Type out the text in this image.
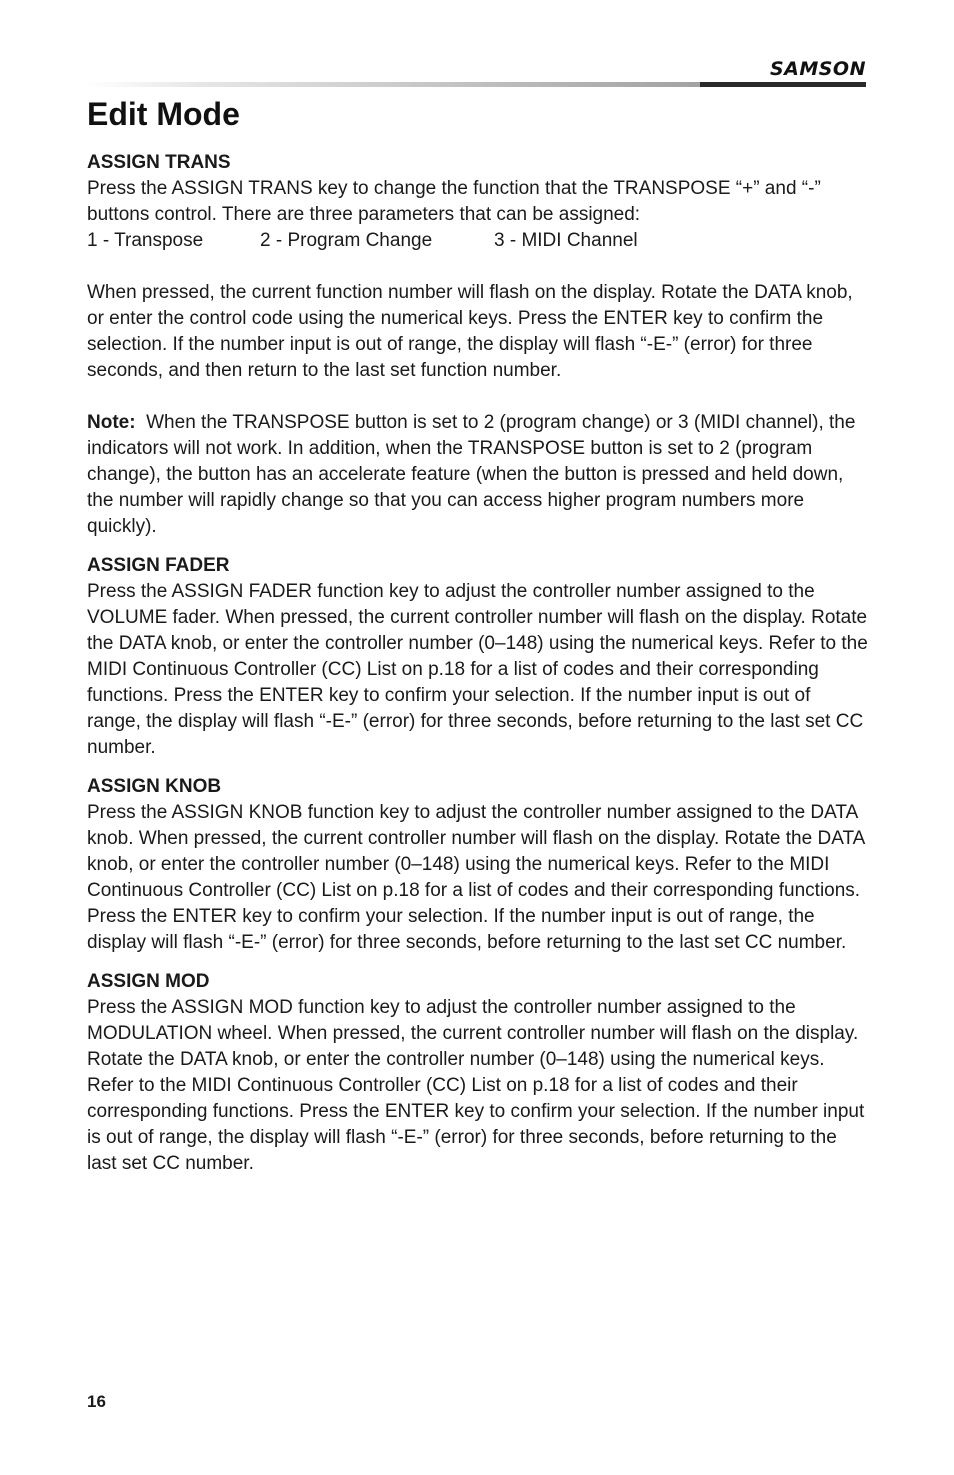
SAMSON
Edit Mode
ASSIGN TRANS

Press the ASSIGN TRANS key to change the function that the TRANSPOSE “+” and “-” buttons control. There are three parameters that can be assigned:

1 - Transpose	2 - Program Change	3 - MIDI Channel

When pressed, the current function number will flash on the display. Rotate the DATA knob, or enter the control code using the numerical keys. Press the ENTER key to confirm the selection. If the number input is out of range, the display will flash “-E-” (error) for three seconds, and then return to the last set function number.

Note: When the TRANSPOSE button is set to 2 (program change) or 3 (MIDI channel), the indicators will not work. In addition, when the TRANSPOSE button is set to 2 (program change), the button has an accelerate feature (when the button is pressed and held down, the number will rapidly change so that you can access higher program numbers more quickly).

ASSIGN FADER

Press the ASSIGN FADER function key to adjust the controller number assigned to the VOLUME fader. When pressed, the current controller number will flash on the display. Rotate the DATA knob, or enter the controller number (0–148) using the numerical keys. Refer to the MIDI Continuous Controller (CC) List on p.18 for a list of codes and their corresponding functions. Press the ENTER key to confirm your selection. If the number input is out of range, the display will flash “-E-” (error) for three seconds, before returning to the last set CC number.

ASSIGN KNOB

Press the ASSIGN KNOB function key to adjust the controller number assigned to the DATA knob. When pressed, the current controller number will flash on the display. Rotate the DATA knob, or enter the controller number (0–148) using the numerical keys. Refer to the MIDI Continuous Controller (CC) List on p.18 for a list of codes and their corresponding functions. Press the ENTER key to confirm your selection. If the number input is out of range, the display will flash “-E-” (error) for three seconds, before returning to the last set CC number.

ASSIGN MOD

Press the ASSIGN MOD function key to adjust the controller number assigned to the MODULATION wheel. When pressed, the current controller number will flash on the display. Rotate the DATA knob, or enter the controller number (0–148) using the numerical keys. Refer to the MIDI Continuous Controller (CC) List on p.18 for a list of codes and their corresponding functions. Press the ENTER key to confirm your selection. If the number input is out of range, the display will flash “-E-” (error) for three seconds, before returning to the last set CC number.

16
